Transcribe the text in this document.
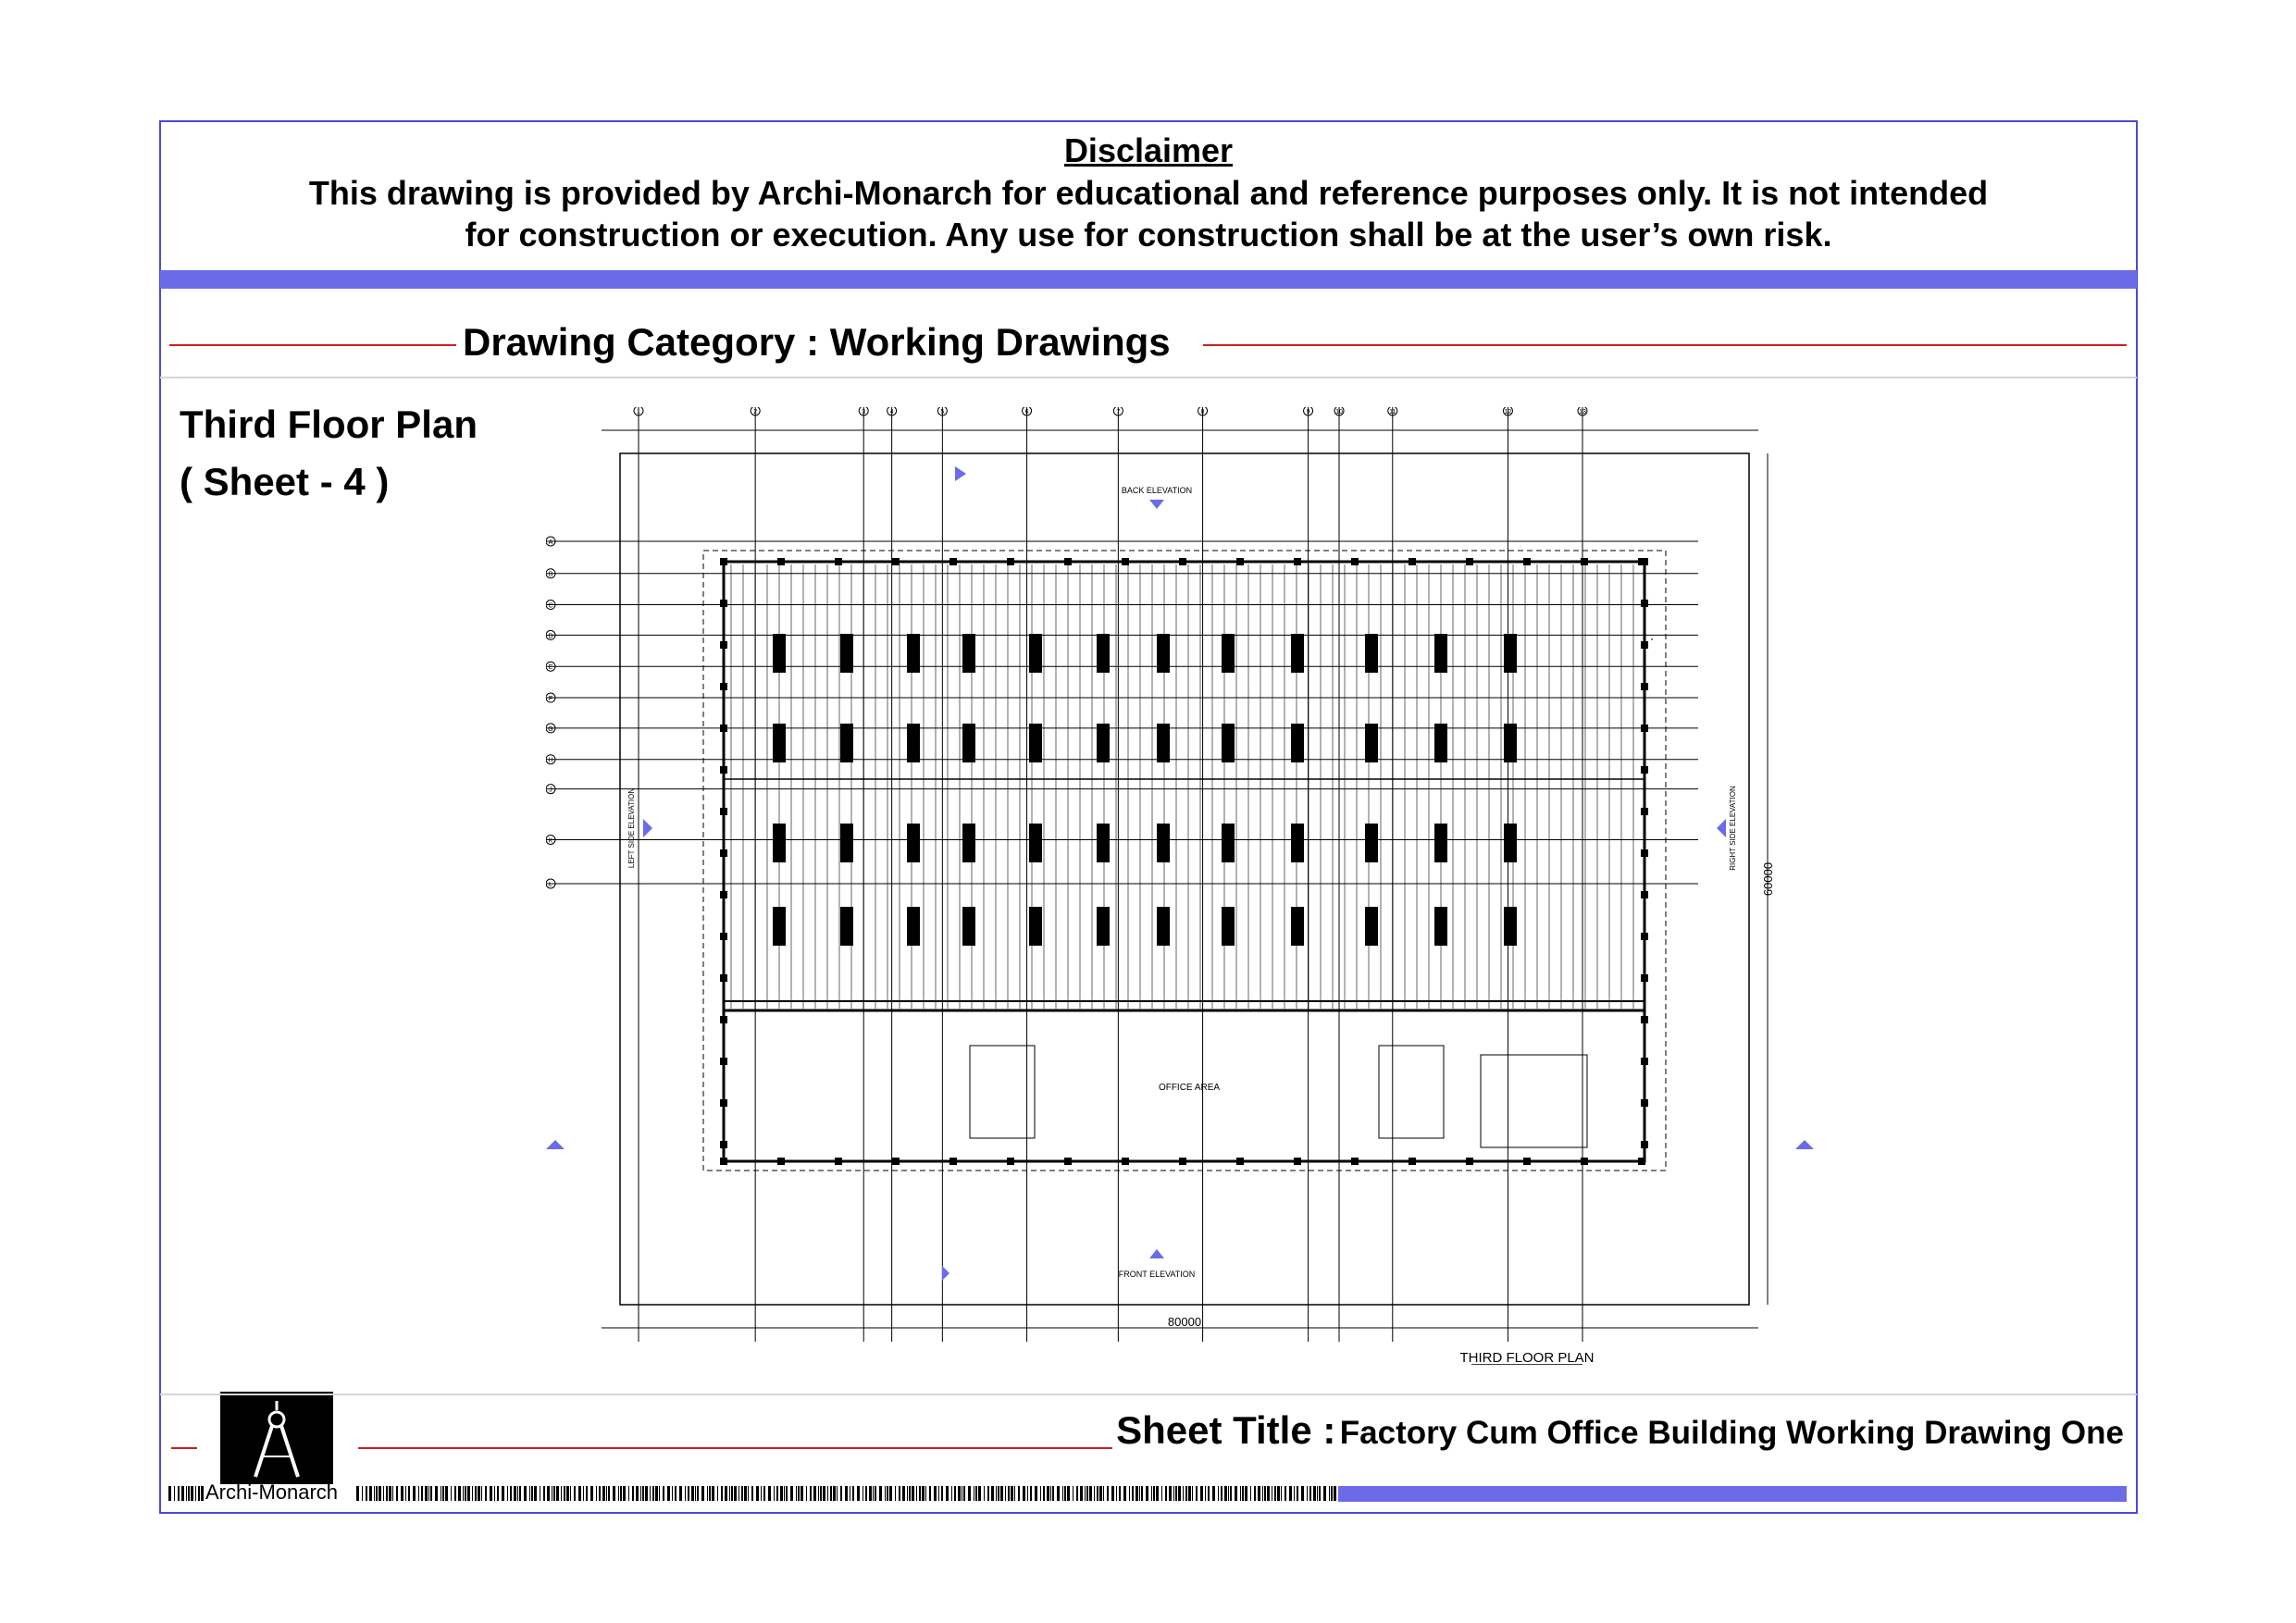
Disclaimer
This drawing is provided by Archi-Monarch for educational and reference purposes only. It is not intended for construction or execution. Any use for construction shall be at the user’s own risk.
Drawing Category : Working Drawings
Third Floor Plan
( Sheet - 4 )
1	2	3	4	5	6	7	8	9	10	11	12	13
A
B
C
D
E
F
G
H
J
K
L
BACK ELEVATION
FRONT ELEVATION
OFFICE AREA
80000
60000
LEFT SIDE ELEVATION	RIGHT SIDE ELEVATION
THIRD FLOOR PLAN
Archi-Monarch
Sheet Title : Factory Cum Office Building Working Drawing One
